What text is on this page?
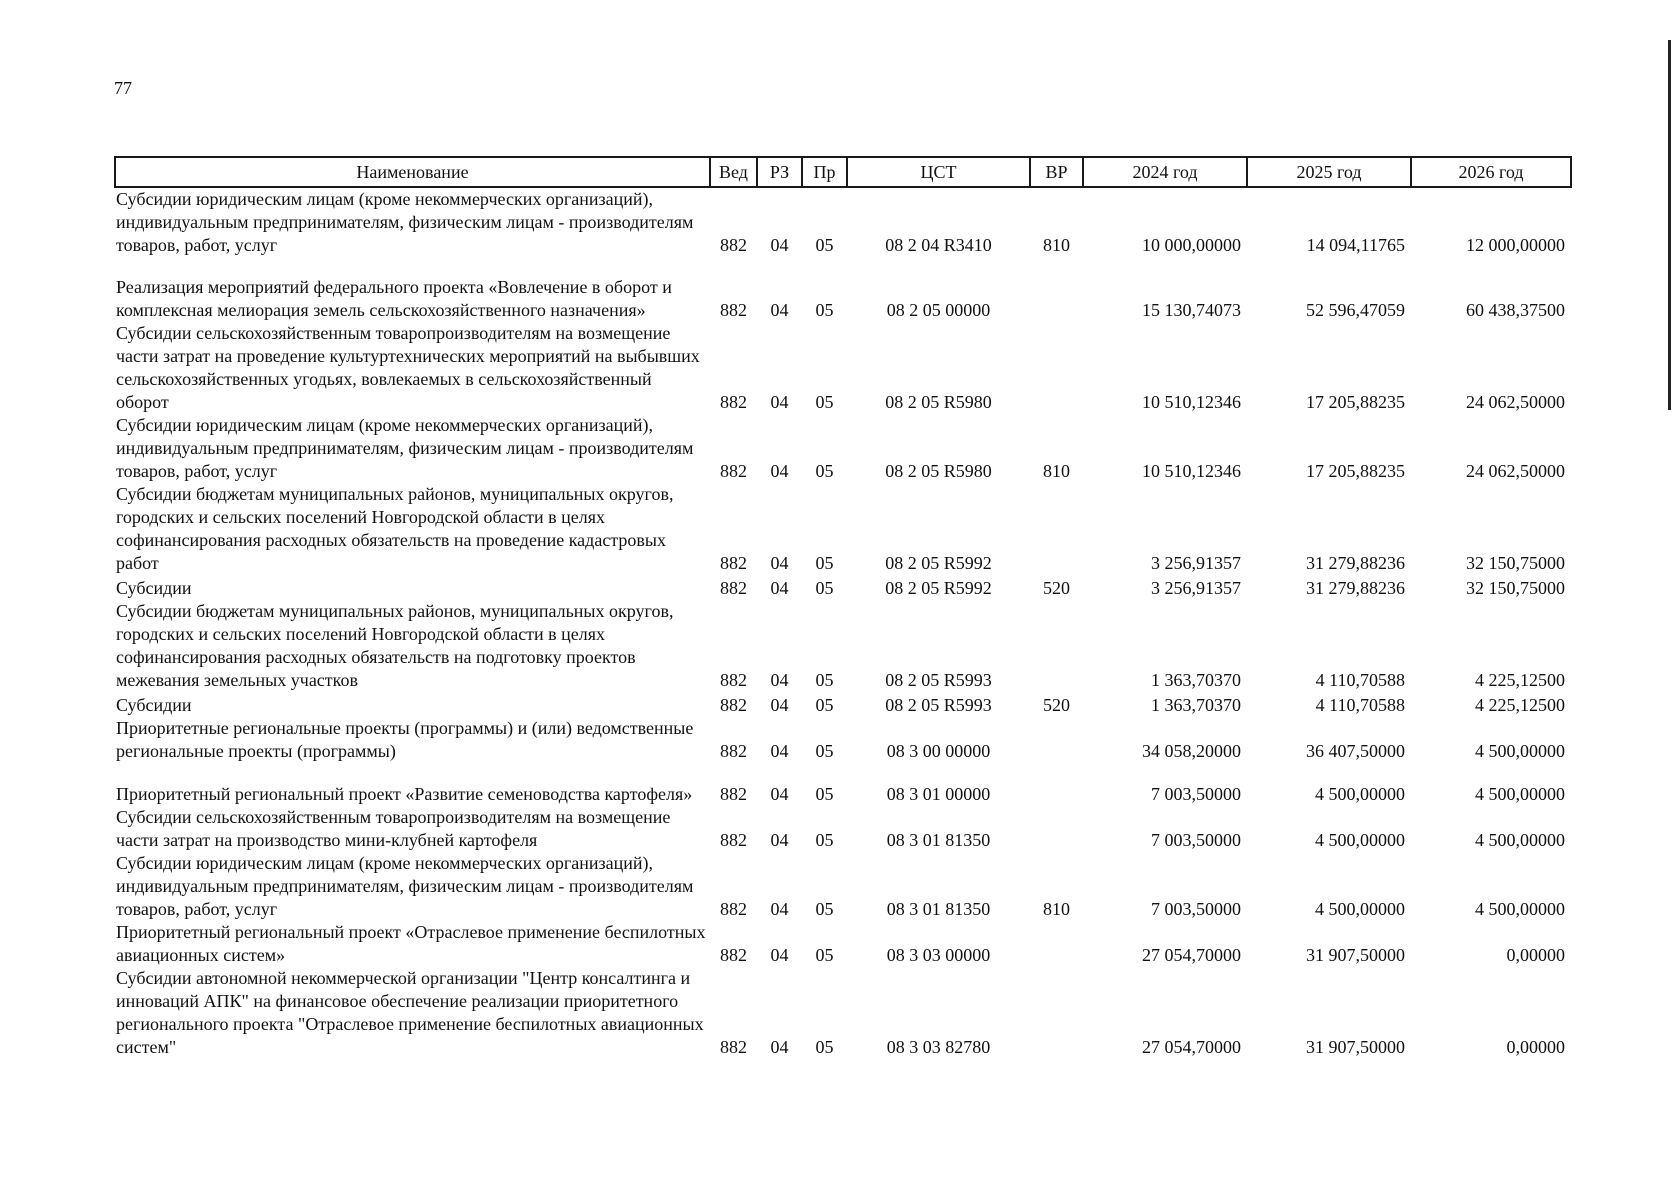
77
Наименование	Вед	РЗ	Пр	ЦСТ	ВР	2024 год	2025 год	2026 год
Субсидии юридическим лицам (кроме некоммерческих организаций), индивидуальным предпринимателям, физическим лицам - производителям товаров, работ, услуг	882	04	05	08 2 04 R3410	810	10 000,00000	14 094,11765	12 000,00000
Реализация мероприятий федерального проекта «Вовлечение в оборот и комплексная мелиорация земель сельскохозяйственного назначения»	882	04	05	08 2 05 00000		15 130,74073	52 596,47059	60 438,37500
Субсидии сельскохозяйственным товаропроизводителям на возмещение части затрат на проведение культуртехнических мероприятий на выбывших сельскохозяйственных угодьях, вовлекаемых в сельскохозяйственный оборот	882	04	05	08 2 05 R5980		10 510,12346	17 205,88235	24 062,50000
Субсидии юридическим лицам (кроме некоммерческих организаций), индивидуальным предпринимателям, физическим лицам - производителям товаров, работ, услуг	882	04	05	08 2 05 R5980	810	10 510,12346	17 205,88235	24 062,50000
Субсидии бюджетам муниципальных районов, муниципальных округов, городских и сельских поселений Новгородской области в целях софинансирования расходных обязательств на проведение кадастровых работ	882	04	05	08 2 05 R5992		3 256,91357	31 279,88236	32 150,75000
Субсидии	882	04	05	08 2 05 R5992	520	3 256,91357	31 279,88236	32 150,75000
Субсидии бюджетам муниципальных районов, муниципальных округов, городских и сельских поселений Новгородской области в целях софинансирования расходных обязательств на подготовку проектов межевания земельных участков	882	04	05	08 2 05 R5993		1 363,70370	4 110,70588	4 225,12500
Субсидии	882	04	05	08 2 05 R5993	520	1 363,70370	4 110,70588	4 225,12500
Приоритетные региональные проекты (программы) и (или) ведомственные региональные проекты (программы)	882	04	05	08 3 00 00000		34 058,20000	36 407,50000	4 500,00000
Приоритетный региональный проект «Развитие семеноводства картофеля»	882	04	05	08 3 01 00000		7 003,50000	4 500,00000	4 500,00000
Субсидии сельскохозяйственным товаропроизводителям на возмещение части затрат на производство мини-клубней картофеля	882	04	05	08 3 01 81350		7 003,50000	4 500,00000	4 500,00000
Субсидии юридическим лицам (кроме некоммерческих организаций), индивидуальным предпринимателям, физическим лицам - производителям товаров, работ, услуг	882	04	05	08 3 01 81350	810	7 003,50000	4 500,00000	4 500,00000
Приоритетный региональный проект «Отраслевое применение беспилотных авиационных систем»	882	04	05	08 3 03 00000		27 054,70000	31 907,50000	0,00000
Субсидии автономной некоммерческой организации "Центр консалтинга и инноваций АПК" на финансовое обеспечение реализации приоритетного регионального проекта "Отраслевое применение беспилотных авиационных систем"	882	04	05	08 3 03 82780		27 054,70000	31 907,50000	0,00000
